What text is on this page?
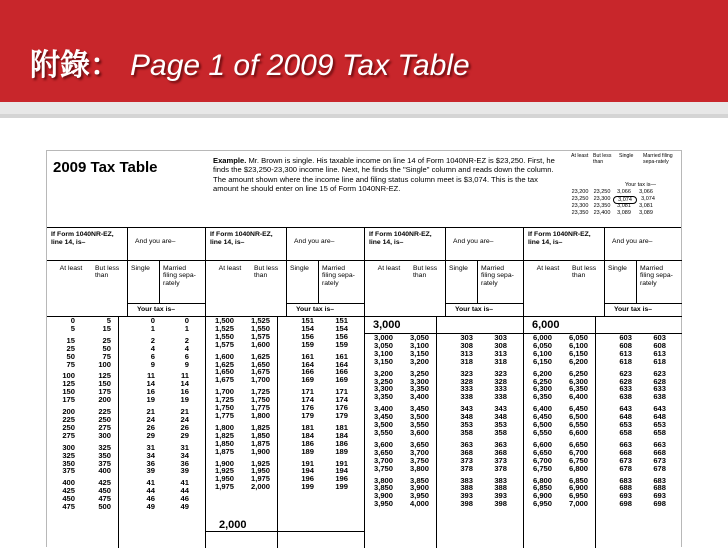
附錄： Page 1 of 2009 Tax Table
2009 Tax Table	Example. Mr. Brown is single. His taxable income on line 14 of Form 1040NR-EZ is $23,250. First, he finds the $23,250-23,300 income line. Next, he finds the "Single" column and reads down the column. The amount shown where the income line and filing status column meet is $3,074. This is the tax amount he should enter on line 15 of Form 1040NR-EZ.
At least But less than
Single	Married filing sepa-rately
Your tax is—
23,200 23,250	3,066	3,066
23,250 23,300	3,074	3,074
23,300 23,350	3,081	3,081
23,350 23,400	3,089	3,089
If Form 1040NR-EZ, line 14, is–	And you are–
At least But less than
Single Married filing sepa-rately
Your tax is–
0	5	0	0
5	15	1	1
15	25	2	2
25	50	4	4
50	75	6	6
75	100	9	9
100	125	11	11
125	150	14	14
150	175	16	16
175	200	19	19
200	225	21	21
225	250	24	24
250	275	26	26
275	300	29	29
300	325	31	31
325	350	34	34
350	375	36	36
375	400	39	39
400	425	41	41
425	450	44	44
450	475	46	46
475	500	49	49
If Form 1040NR-EZ, line 14, is–	And you are–
At least But less than
Single Married filing sepa-rately
Your tax is–
1,500	1,525	151	151
1,525	1,550	154	154
1,550	1,575	156	156
1,575	1,600	159	159
1,600	1,625	161	161
1,625	1,650	164	164
1,650	1,675	166	166
1,675	1,700	169	169
1,700	1,725	171	171
1,725	1,750	174	174
1,750	1,775	176	176
1,775	1,800	179	179
1,800	1,825	181	181
1,825	1,850	184	184
1,850	1,875	186	186
1,875	1,900	189	189
1,900	1,925	191	191
1,925	1,950	194	194
1,950	1,975	196	196
1,975	2,000	199	199
If Form 1040NR-EZ, line 14, is–	And you are–
At least But less than
Single Married filing sepa-rately
Your tax is–
3,000
3,000	3,050	303	303
3,050	3,100	308	308
3,100	3,150	313	313
3,150	3,200	318	318
3,200	3,250	323	323
3,250	3,300	328	328
3,300	3,350	333	333
3,350	3,400	338	338
3,400	3,450	343	343
3,450	3,500	348	348
3,500	3,550	353	353
3,550	3,600	358	358
3,600	3,650	363	363
3,650	3,700	368	368
3,700	3,750	373	373
3,750	3,800	378	378
3,800	3,850	383	383
3,850	3,900	388	388
3,900	3,950	393	393
3,950	4,000	398	398
If Form 1040NR-EZ, line 14, is–	And you are–
At least But less than
Single Married filing sepa-rately
Your tax is–
6,000
6,000	6,050	603	603
6,050	6,100	608	608
6,100	6,150	613	613
6,150	6,200	618	618
6,200	6,250	623	623
6,250	6,300	628	628
6,300	6,350	633	633
6,350	6,400	638	638
6,400	6,450	643	643
6,450	6,500	648	648
6,500	6,550	653	653
6,550	6,600	658	658
6,600	6,650	663	663
6,650	6,700	668	668
6,700	6,750	673	673
6,750	6,800	678	678
6,800	6,850	683	683
6,850	6,900	688	688
6,900	6,950	693	693
6,950	7,000	698	698
2,000
